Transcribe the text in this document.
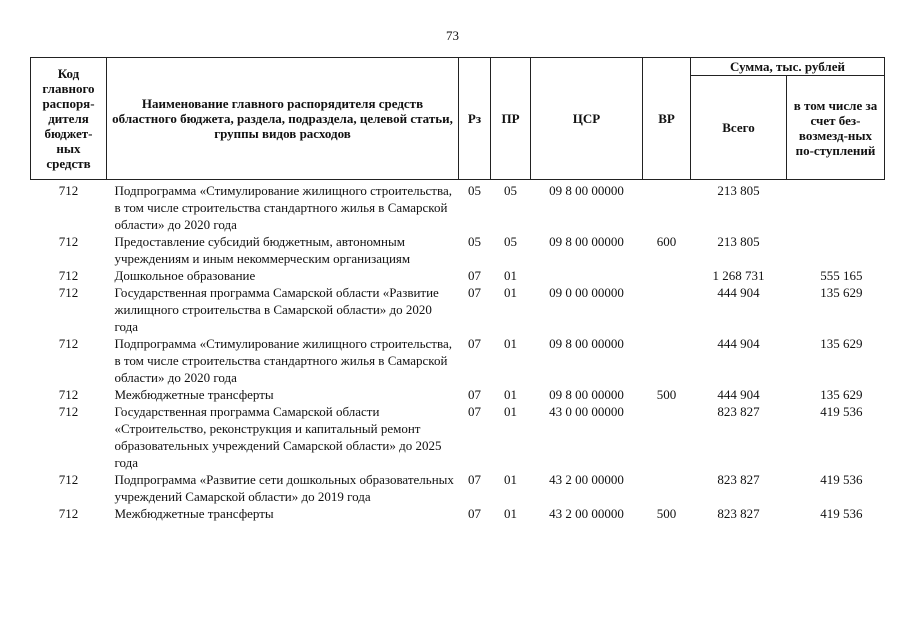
73
Код главного распоря-дителя бюджет-ных средств	Наименование главного распорядителя средств областного бюджета, раздела, подраздела, целевой статьи, группы видов расходов	Рз	ПР	ЦСР	ВР	Сумма, тыс. рублей	
						Всего	в том числе за счет без-возмезд-ных по-ступлений
712	Подпрограмма «Стимулирование жилищного строительства, в том числе строительства стандартного жилья в Самарской области» до 2020 года	05	05	09 8 00 00000		213 805	
712	Предоставление субсидий бюджетным, автономным учреждениям и иным некоммерческим организациям	05	05	09 8 00 00000	600	213 805	
712	Дошкольное образование	07	01			1 268 731	555 165
712	Государственная программа Самарской области «Развитие жилищного строительства в Самарской области» до 2020 года	07	01	09 0 00 00000		444 904	135 629
712	Подпрограмма «Стимулирование жилищного строительства, в том числе строительства стандартного жилья в Самарской области» до 2020 года	07	01	09 8 00 00000		444 904	135 629
712	Межбюджетные трансферты	07	01	09 8 00 00000	500	444 904	135 629
712	Государственная программа Самарской области «Строительство, реконструкция и капитальный ремонт образовательных учреждений Самарской области» до 2025 года	07	01	43 0 00 00000		823 827	419 536
712	Подпрограмма «Развитие сети дошкольных образовательных учреждений Самарской области» до 2019 года	07	01	43 2 00 00000		823 827	419 536
712	Межбюджетные трансферты	07	01	43 2 00 00000	500	823 827	419 536
